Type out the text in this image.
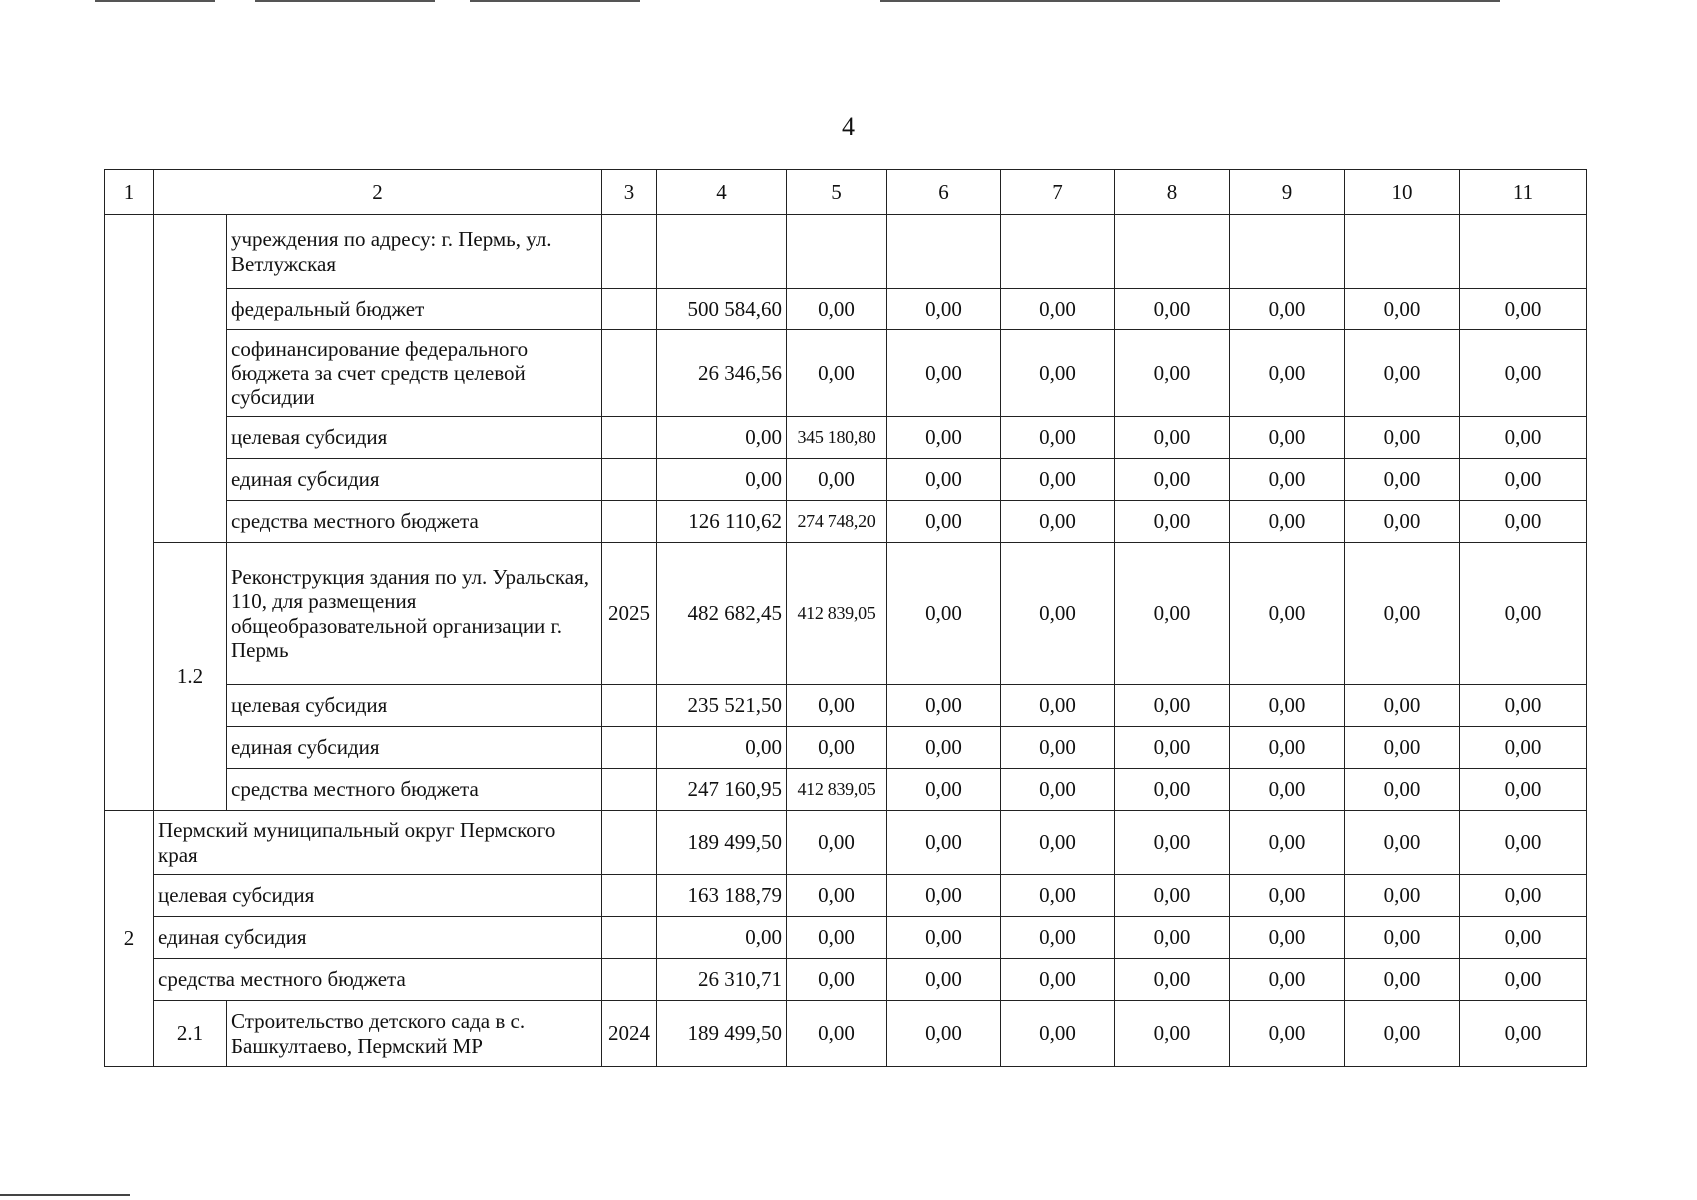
4
1	2		3	4	5	6	7	8	9	10	11
		учреждения по адресу: г. Пермь, ул. Ветлужская									
		федеральный бюджет		500 584,60	0,00	0,00	0,00	0,00	0,00	0,00	0,00
		софинансирование федерального бюджета за счет средств целевой субсидии		26 346,56	0,00	0,00	0,00	0,00	0,00	0,00	0,00
		целевая субсидия		0,00	345 180,80	0,00	0,00	0,00	0,00	0,00	0,00
		единая субсидия		0,00	0,00	0,00	0,00	0,00	0,00	0,00	0,00
		средства местного бюджета		126 110,62	274 748,20	0,00	0,00	0,00	0,00	0,00	0,00
	1.2	Реконструкция здания по ул. Уральская, 110, для размещения общеобразовательной организации г. Пермь	2025	482 682,45	412 839,05	0,00	0,00	0,00	0,00	0,00	0,00
		целевая субсидия		235 521,50	0,00	0,00	0,00	0,00	0,00	0,00	0,00
		единая субсидия		0,00	0,00	0,00	0,00	0,00	0,00	0,00	0,00
		средства местного бюджета		247 160,95	412 839,05	0,00	0,00	0,00	0,00	0,00	0,00
2	Пермский муниципальный округ Пермского края			189 499,50	0,00	0,00	0,00	0,00	0,00	0,00	0,00
	целевая субсидия			163 188,79	0,00	0,00	0,00	0,00	0,00	0,00	0,00
	единая субсидия			0,00	0,00	0,00	0,00	0,00	0,00	0,00	0,00
	средства местного бюджета			26 310,71	0,00	0,00	0,00	0,00	0,00	0,00	0,00
	2.1	Строительство детского сада в с. Башкултаево, Пермский МР	2024	189 499,50	0,00	0,00	0,00	0,00	0,00	0,00	0,00
